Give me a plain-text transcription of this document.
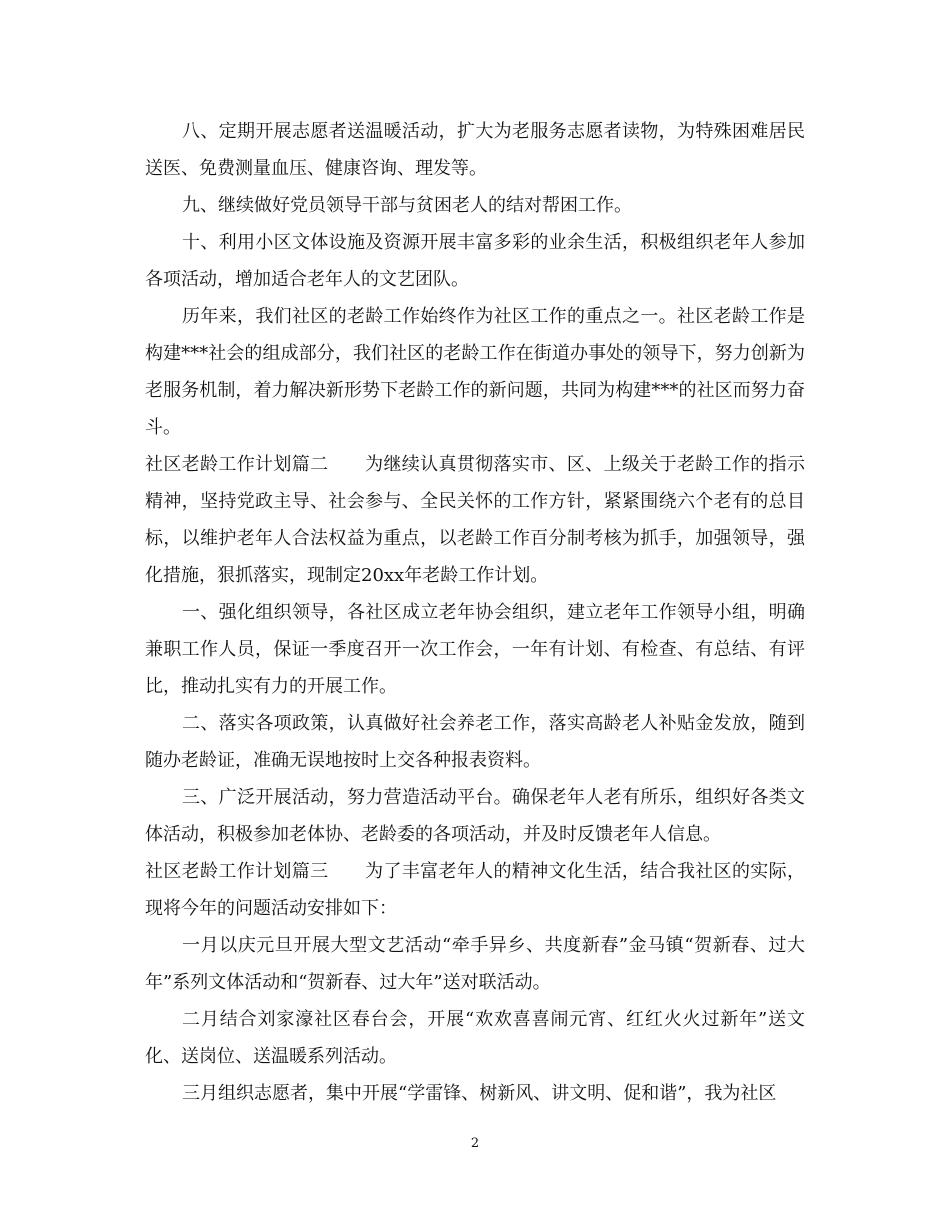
八、定期开展志愿者送温暖活动，扩大为老服务志愿者读物，为特殊困难居民送医、免费测量血压、健康咨询、理发等。

九、继续做好党员领导干部与贫困老人的结对帮困工作。

十、利用小区文体设施及资源开展丰富多彩的业余生活，积极组织老年人参加各项活动，增加适合老年人的文艺团队。

历年来，我们社区的老龄工作始终作为社区工作的重点之一。社区老龄工作是构建***社会的组成部分，我们社区的老龄工作在街道办事处的领导下，努力创新为老服务机制，着力解决新形势下老龄工作的新问题，共同为构建***的社区而努力奋斗。

社区老龄工作计划篇二　　为继续认真贯彻落实市、区、上级关于老龄工作的指示精神，坚持党政主导、社会参与、全民关怀的工作方针，紧紧围绕六个老有的总目标，以维护老年人合法权益为重点，以老龄工作百分制考核为抓手，加强领导，强化措施，狠抓落实，现制定20xx年老龄工作计划。

一、强化组织领导，各社区成立老年协会组织，建立老年工作领导小组，明确兼职工作人员，保证一季度召开一次工作会，一年有计划、有检查、有总结、有评比，推动扎实有力的开展工作。

二、落实各项政策，认真做好社会养老工作，落实高龄老人补贴金发放，随到随办老龄证，准确无误地按时上交各种报表资料。

三、广泛开展活动，努力营造活动平台。确保老年人老有所乐，组织好各类文体活动，积极参加老体协、老龄委的各项活动，并及时反馈老年人信息。

社区老龄工作计划篇三　　为了丰富老年人的精神文化生活，结合我社区的实际，现将今年的问题活动安排如下：

一月以庆元旦开展大型文艺活动“牵手异乡、共度新春”金马镇“贺新春、过大年”系列文体活动和“贺新春、过大年”送对联活动。

二月结合刘家濠社区春台会，开展“欢欢喜喜闹元宵、红红火火过新年”送文化、送岗位、送温暖系列活动。

三月组织志愿者，集中开展“学雷锋、树新风、讲文明、促和谐”，我为社区

2
